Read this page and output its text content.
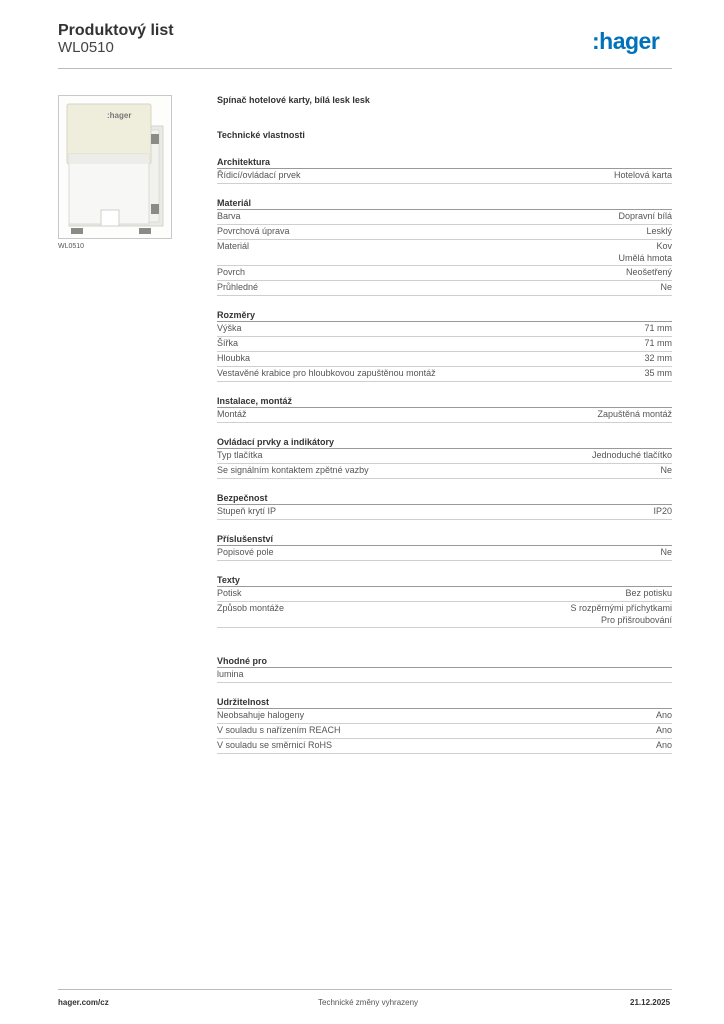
Produktový list
WL0510	:hager
:hager
WL0510
Spínač hotelové karty, bílá lesk lesk
Technické vlastnosti
Architektura
Řídicí/ovládací prvek	Hotelová karta
Materiál
Barva	Dopravní bílá
Povrchová úprava	Lesklý
Materiál	Kov
Umělá hmota
Povrch	Neošetřený
Průhledné	Ne
Rozměry
Výška	71 mm
Šířka	71 mm
Hloubka	32 mm
Vestavěné krabice pro hloubkovou zapuštěnou montáž	35 mm
Instalace, montáž
Montáž	Zapuštěná montáž
Ovládací prvky a indikátory
Typ tlačítka	Jednoduché tlačítko
Se signálním kontaktem zpětné vazby	Ne
Bezpečnost
Stupeň krytí IP	IP20
Příslušenství
Popisové pole	Ne
Texty
Potisk	Bez potisku
Způsob montáže	S rozpěrnými příchytkami
Pro přišroubování
Vhodné pro
lumina
Udržitelnost
Neobsahuje halogeny	Ano
V souladu s nařízením REACH	Ano
V souladu se směrnicí RoHS	Ano
hager.com/cz	Technické změny vyhrazeny	21.12.2025
